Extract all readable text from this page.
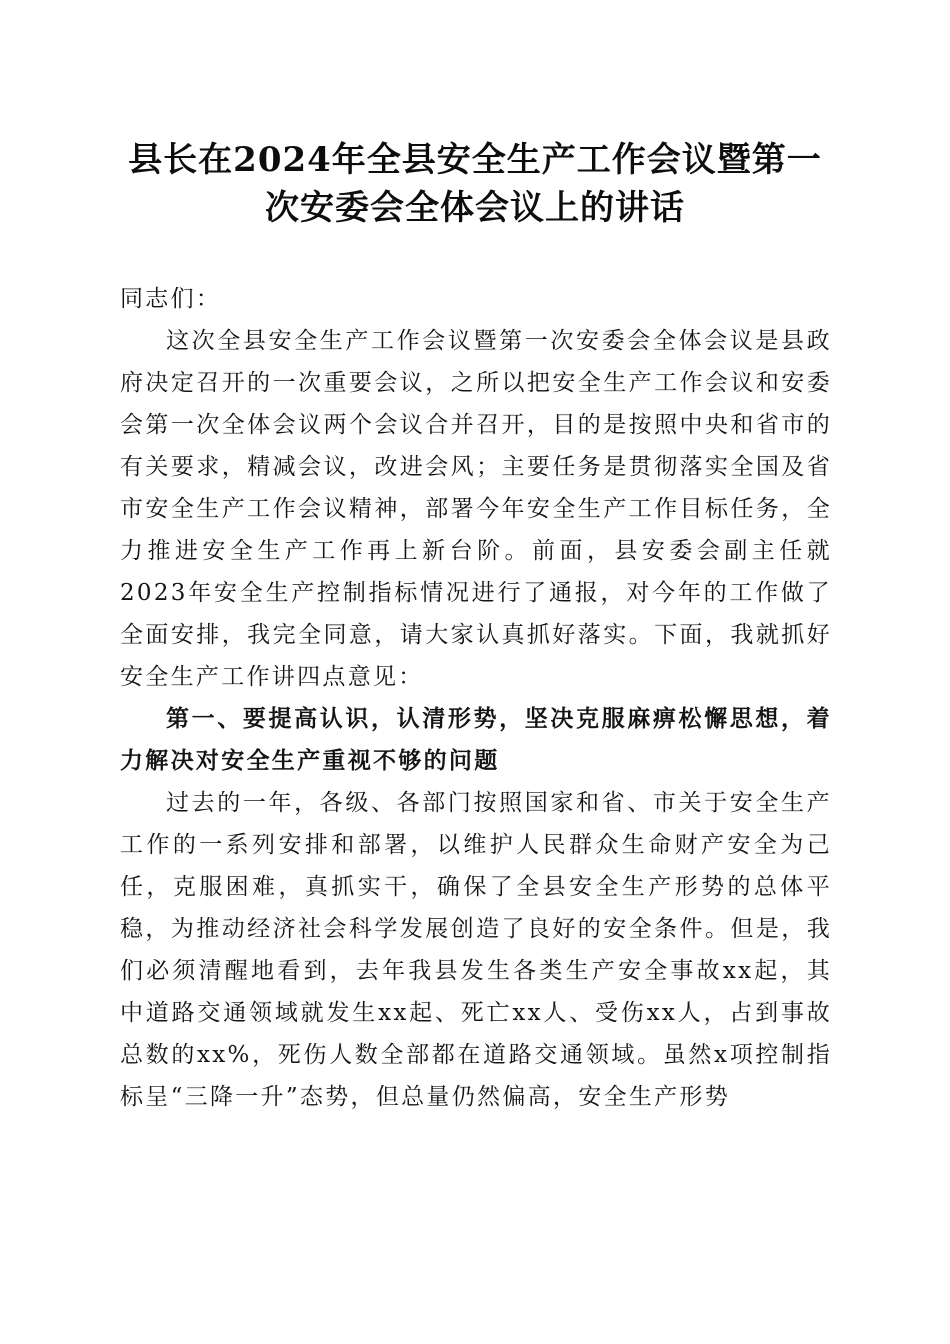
县长在2024年全县安全生产工作会议暨第一
次安委会全体会议上的讲话

同志们：

这次全县安全生产工作会议暨第一次安委会全体会议是县政府决定召开的一次重要会议，之所以把安全生产工作会议和安委会第一次全体会议两个会议合并召开，目的是按照中央和省市的有关要求，精减会议，改进会风；主要任务是贯彻落实全国及省市安全生产工作会议精神，部署今年安全生产工作目标任务，全力推进安全生产工作再上新台阶。前面，县安委会副主任就2023年安全生产控制指标情况进行了通报，对今年的工作做了全面安排，我完全同意，请大家认真抓好落实。下面，我就抓好安全生产工作讲四点意见：

第一、要提高认识，认清形势，坚决克服麻痹松懈思想，着力解决对安全生产重视不够的问题

过去的一年，各级、各部门按照国家和省、市关于安全生产工作的一系列安排和部署，以维护人民群众生命财产安全为己任，克服困难，真抓实干，确保了全县安全生产形势的总体平稳，为推动经济社会科学发展创造了良好的安全条件。但是，我们必须清醒地看到，去年我县发生各类生产安全事故xx起，其中道路交通领域就发生xx起、死亡xx人、受伤xx人，占到事故总数的xx%，死伤人数全部都在道路交通领域。虽然x项控制指标呈“三降一升”态势，但总量仍然偏高，安全生产形势
